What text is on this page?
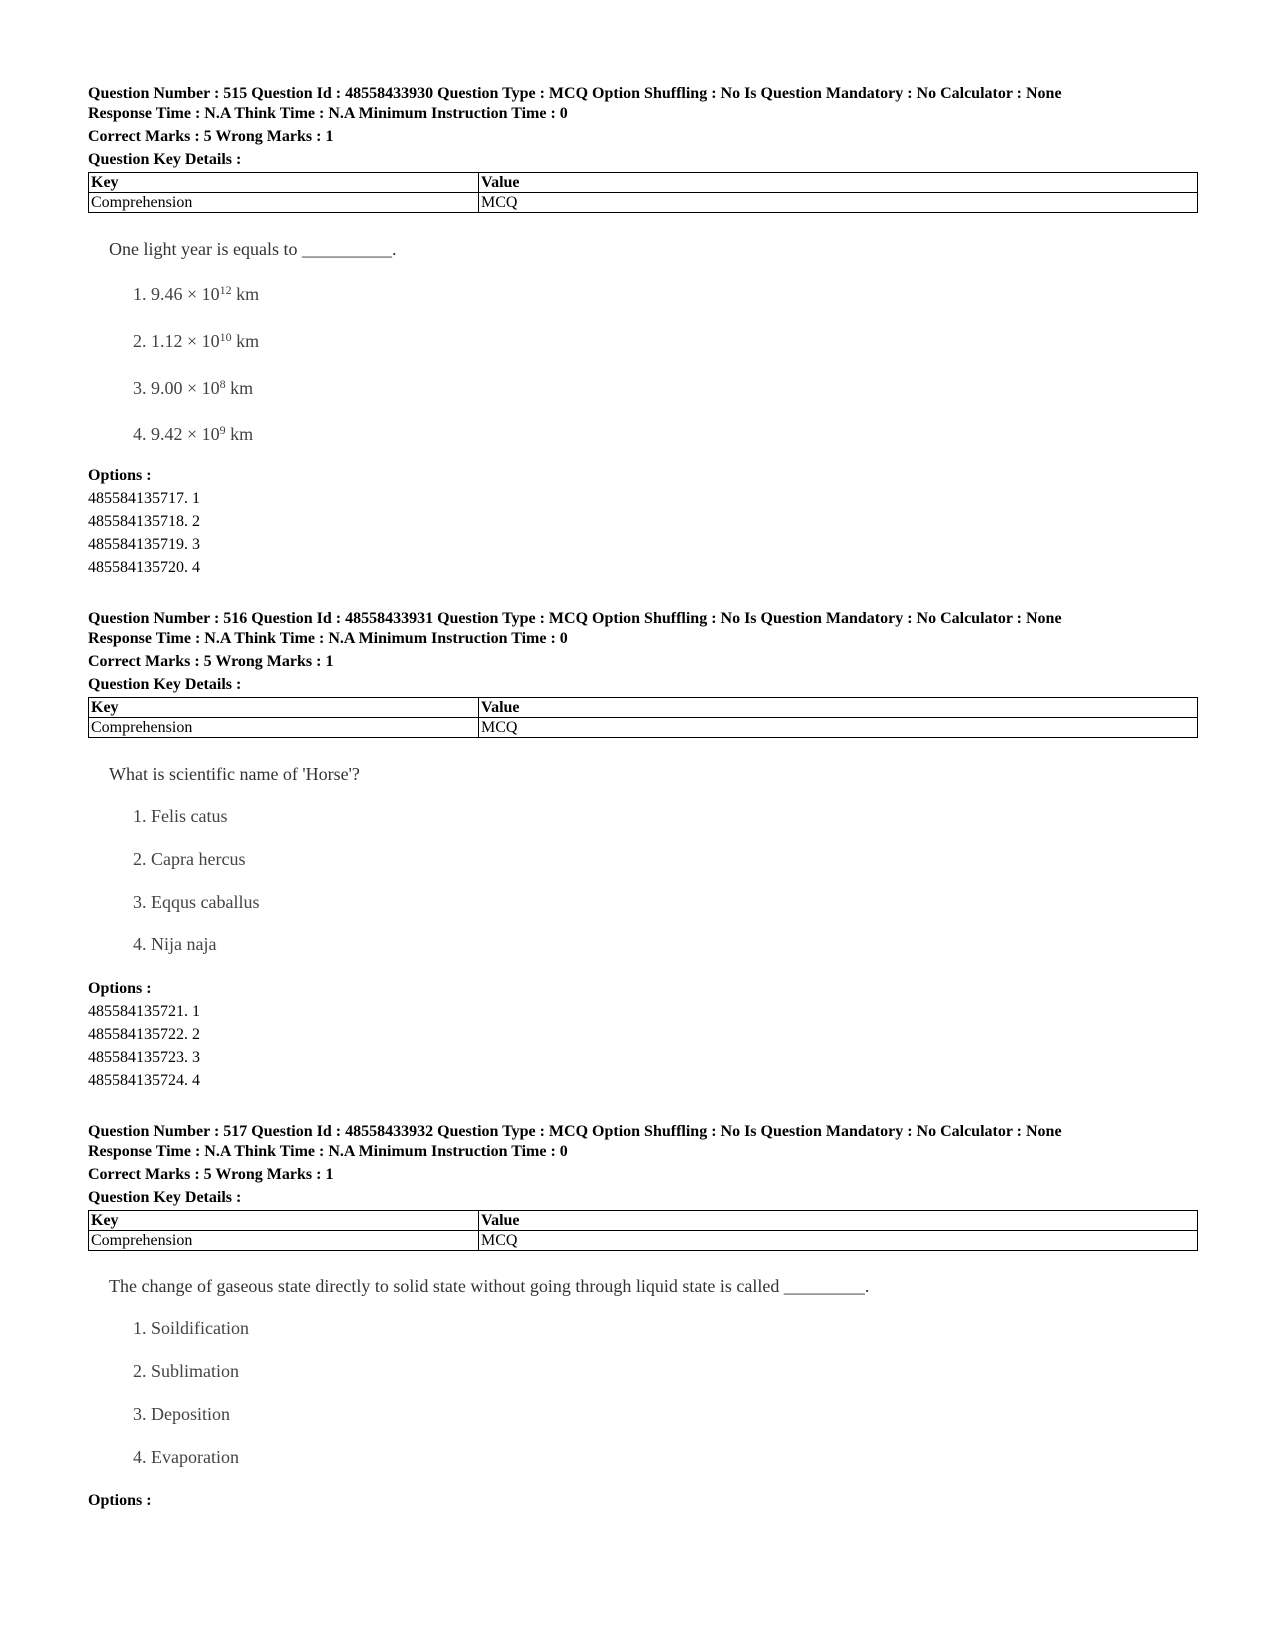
Question Number : 515 Question Id : 48558433930 Question Type : MCQ Option Shuffling : No Is Question Mandatory : No Calculator : None
Response Time : N.A Think Time : N.A Minimum Instruction Time : 0
Correct Marks : 5 Wrong Marks : 1
Question Key Details :
Key	Value
Comprehension	MCQ
One light year is equals to __________.
1. $9.46 \times 10^{12}$ km
2. $1.12 \times 10^{10}$ km
3. $9.00 \times 10^8$ km
4. $9.42 \times 10^9$ km
Options :
485584135717. 1
485584135718. 2
485584135719. 3
485584135720. 4
Question Number : 516 Question Id : 48558433931 Question Type : MCQ Option Shuffling : No Is Question Mandatory : No Calculator : None
Response Time : N.A Think Time : N.A Minimum Instruction Time : 0
Correct Marks : 5 Wrong Marks : 1
Question Key Details :
Key	Value
Comprehension	MCQ
What is scientific name of 'Horse'?
1. Felis catus
2. Capra hercus
3. Eqqus caballus
4. Nija naja
Options :
485584135721. 1
485584135722. 2
485584135723. 3
485584135724. 4
Question Number : 517 Question Id : 48558433932 Question Type : MCQ Option Shuffling : No Is Question Mandatory : No Calculator : None
Response Time : N.A Think Time : N.A Minimum Instruction Time : 0
Correct Marks : 5 Wrong Marks : 1
Question Key Details :
Key	Value
Comprehension	MCQ
The change of gaseous state directly to solid state without going through liquid state is called _________.
1. Soildification
2. Sublimation
3. Deposition
4. Evaporation
Options :
